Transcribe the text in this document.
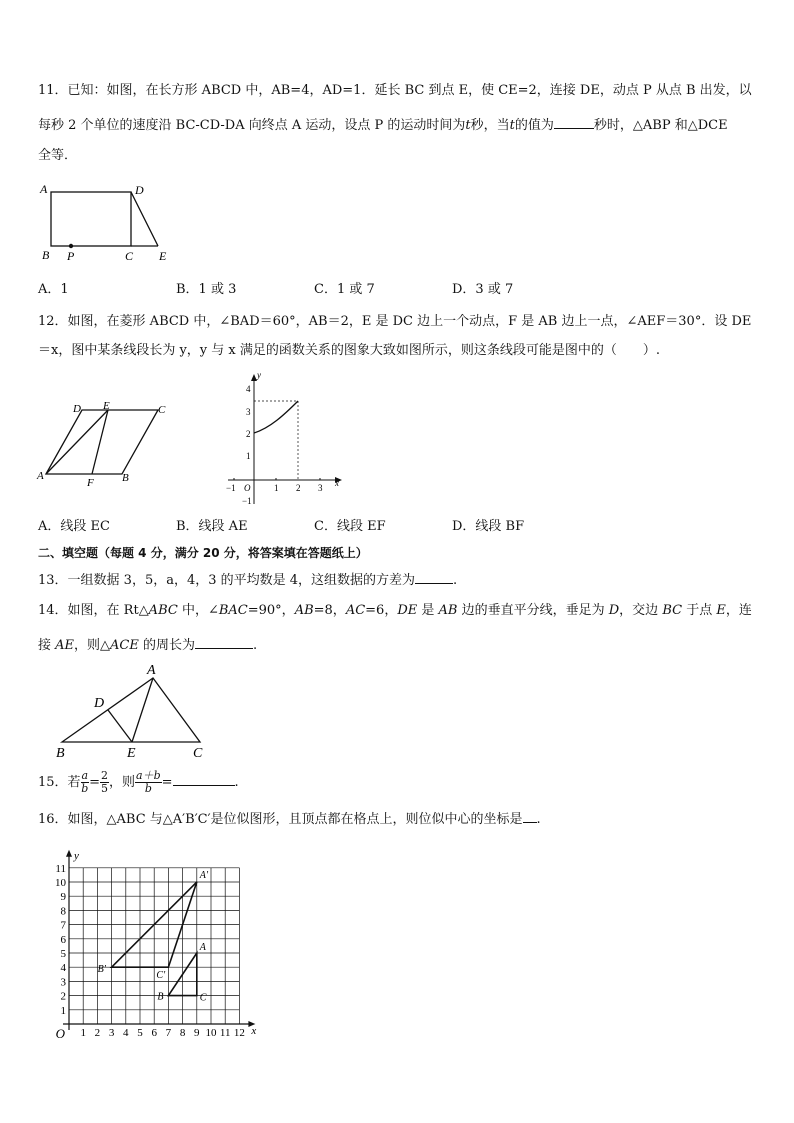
11．已知：如图，在长方形 ABCD 中，AB=4，AD=1．延长 BC 到点 E，使 CE=2，连接 DE，动点 P 从点 B 出发，以
每秒 2 个单位的速度沿 BC-CD-DA 向终点 A 运动，设点 P 的运动时间为t秒，当t的值为	秒时，△ABP 和△DCE
全等．
A	D
B P	C E
A．1	B．1 或 3	C．1 或 7	D．3 或 7
12．如图，在菱形 ABCD 中，∠BAD＝60°，AB＝2，E 是 DC 边上一个动点，F 是 AB 边上一点，∠AEF＝30°．设 DE
＝x，图中某条线段长为 y，y 与 x 满足的函数关系的图象大致如图所示，则这条线段可能是图中的（　　）.
A
D E	C
F	B
y
x
O
−1	1 2 3
4
3
2
1
−1
A．线段 EC	B．线段 AE	C．线段 EF	D．线段 BF
二、填空题（每题 4 分，满分 20 分，将答案填在答题纸上）
13．一组数据 3，5，a，4，3 的平均数是 4，这组数据的方差为	.
14．如图，在 Rt△ABC 中，∠BAC=90°，AB=8，AC=6，DE 是 AB 边的垂直平分线，垂足为 D，交边 BC 于点 E，连
接 AE，则△ACE 的周长为	.
A
D
B	E	C
15．若 $\frac{a}{b} = \frac{2}{5}$ ，则 $\frac{a+b}{b}$ =	.
16．如图，△ABC 与△A′B′C′是位似图形，且顶点都在格点上，则位似中心的坐标是 .
1 2 3 4 5 6 7 8 9 10 11 12
1
2
3
4
5
6
7
8
9
10
11
O	x
y
A
B	C
A′
B′
C′
